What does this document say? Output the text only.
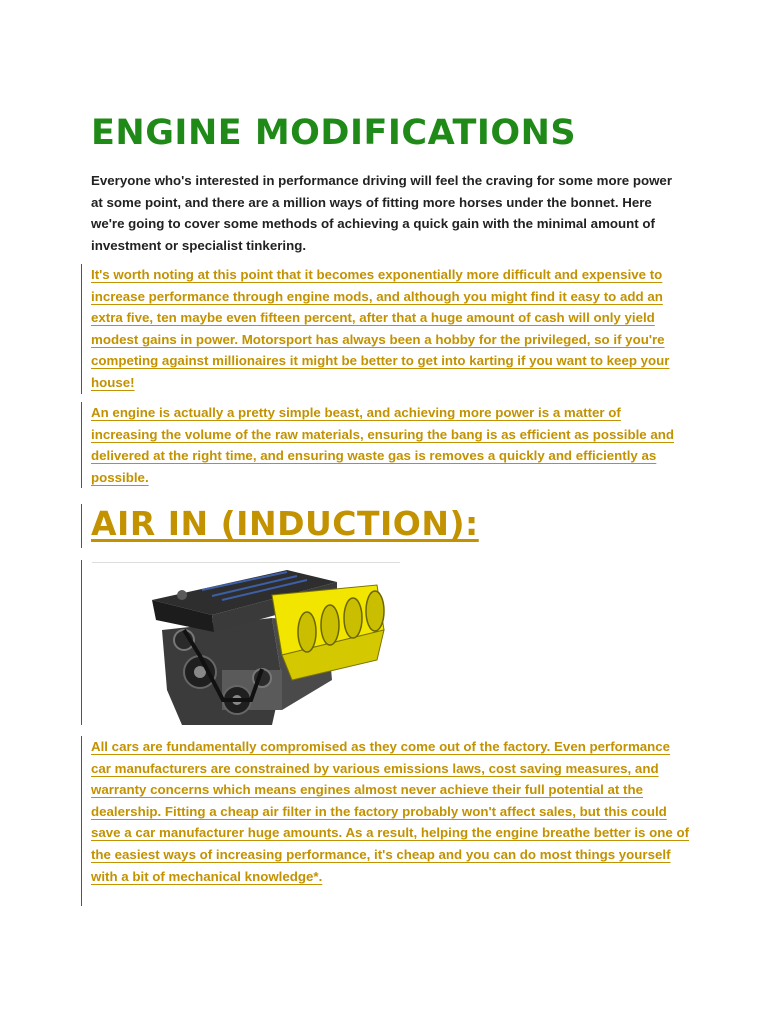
ENGINE MODIFICATIONS

Everyone who's interested in performance driving will feel the craving for some more power at some point, and there are a million ways of fitting more horses under the bonnet. Here we're going to cover some methods of achieving a quick gain with the minimal amount of investment or specialist tinkering.

It's worth noting at this point that it becomes exponentially more difficult and expensive to increase performance through engine mods, and although you might find it easy to add an extra five, ten maybe even fifteen percent, after that a huge amount of cash will only yield modest gains in power. Motorsport has always been a hobby for the privileged, so if you're competing against millionaires it might be better to get into karting if you want to keep your house!

An engine is actually a pretty simple beast, and achieving more power is a matter of increasing the volume of the raw materials, ensuring the bang is as efficient as possible and delivered at the right time, and ensuring waste gas is removes a quickly and efficiently as possible.

AIR IN (INDUCTION):

All cars are fundamentally compromised as they come out of the factory. Even performance car manufacturers are constrained by various emissions laws, cost saving measures, and warranty concerns which means engines almost never achieve their full potential at the dealership. Fitting a cheap air filter in the factory probably won't affect sales, but this could save a car manufacturer huge amounts. As a result, helping the engine breathe better is one of the easiest ways of increasing performance, it's cheap and you can do most things yourself with a bit of mechanical knowledge*.
